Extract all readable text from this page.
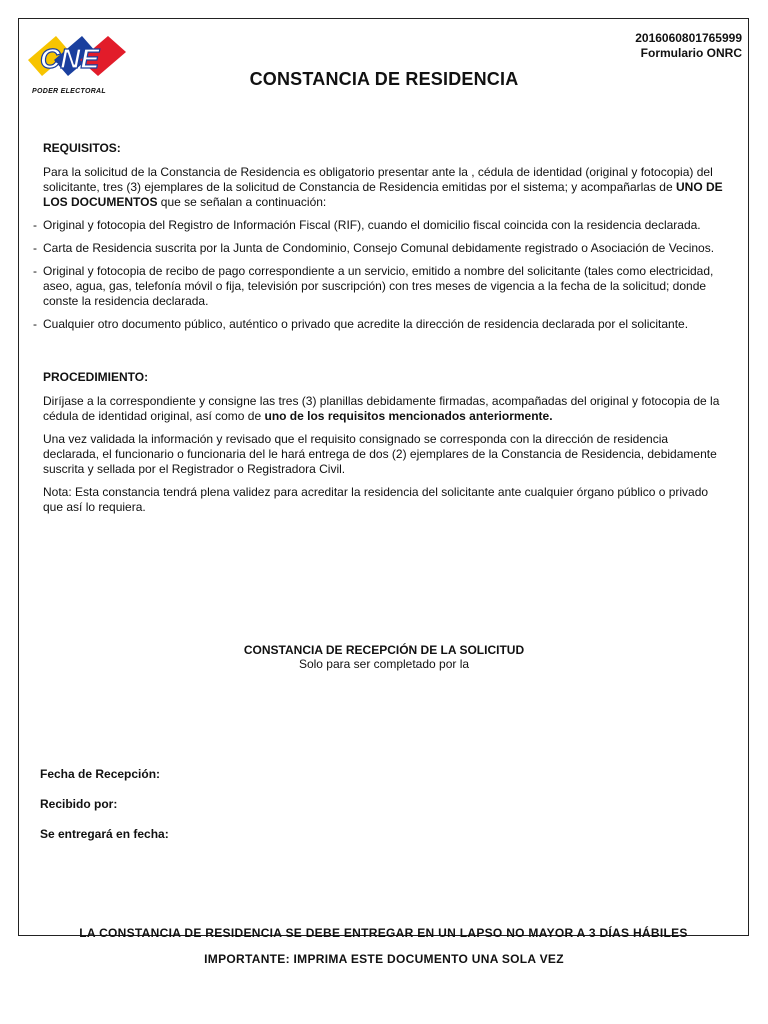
CNE
PODER ELECTORAL
2016060801765999
Formulario ONRC
CONSTANCIA DE RESIDENCIA
REQUISITOS:
Para la solicitud de la Constancia de Residencia es obligatorio presentar ante la , cédula de identidad (original y fotocopia) del solicitante, tres (3) ejemplares de la solicitud de Constancia de Residencia emitidas por el sistema; y acompañarlas de UNO DE LOS DOCUMENTOS que se señalan a continuación:
- Original y fotocopia del Registro de Información Fiscal (RIF), cuando el domicilio fiscal coincida con la residencia declarada.
- Carta de Residencia suscrita por la Junta de Condominio, Consejo Comunal debidamente registrado o Asociación de Vecinos.
- Original y fotocopia de recibo de pago correspondiente a un servicio, emitido a nombre del solicitante (tales como electricidad, aseo, agua, gas, telefonía móvil o fija, televisión por suscripción) con tres meses de vigencia a la fecha de la solicitud; donde conste la residencia declarada.
- Cualquier otro documento público, auténtico o privado que acredite la dirección de residencia declarada por el solicitante.
PROCEDIMIENTO:
Diríjase a la correspondiente y consigne las tres (3) planillas debidamente firmadas, acompañadas del original y fotocopia de la cédula de identidad original, así como de uno de los requisitos mencionados anteriormente.
Una vez validada la información y revisado que el requisito consignado se corresponda con la dirección de residencia declarada, el funcionario o funcionaria del le hará entrega de dos (2) ejemplares de la Constancia de Residencia, debidamente suscrita y sellada por el Registrador o Registradora Civil.
Nota: Esta constancia tendrá plena validez para acreditar la residencia del solicitante ante cualquier órgano público o privado que así lo requiera.
CONSTANCIA DE RECEPCIÓN DE LA SOLICITUD
Solo para ser completado por la
Fecha de Recepción:
Recibido por:
Se entregará en fecha:
LA CONSTANCIA DE RESIDENCIA SE DEBE ENTREGAR EN UN LAPSO NO MAYOR A 3 DÍAS HÁBILES
IMPORTANTE: IMPRIMA ESTE DOCUMENTO UNA SOLA VEZ
